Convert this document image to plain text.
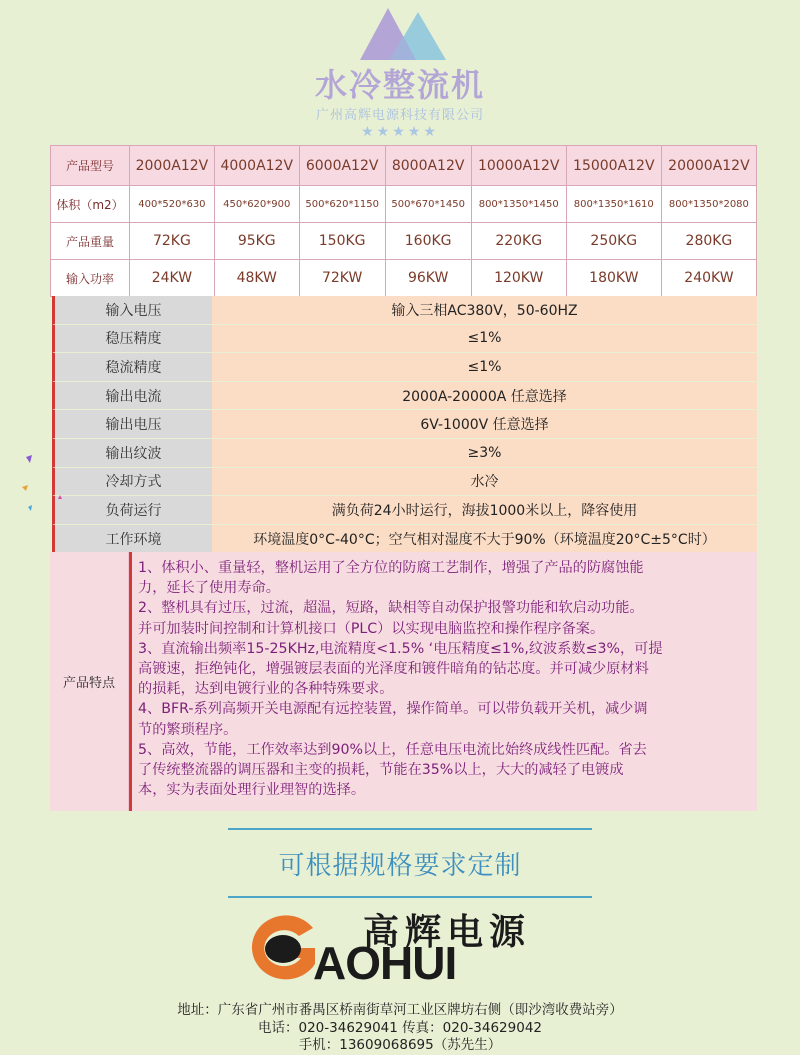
水冷整流机
广州高辉电源科技有限公司
★★★★★
产品型号	2000A12V	4000A12V	6000A12V	8000A12V	10000A12V	15000A12V	20000A12V
体积（m2）	400*520*630	450*620*900	500*620*1150	500*670*1450	800*1350*1450	800*1350*1610	800*1350*2080
产品重量	72KG	95KG	150KG	160KG	220KG	250KG	280KG
输入功率	24KW	48KW	72KW	96KW	120KW	180KW	240KW
输入电压	输入三相AC380V，50-60HZ
稳压精度	≤1%
稳流精度	≤1%
输出电流	2000A-20000A 任意选择
输出电压	6V-1000V 任意选择
输出纹波	≥3%
冷却方式	水冷
负荷运行	满负荷24小时运行，海拔1000米以上，降容使用
工作环境	环境温度0°C-40°C；空气相对湿度不大于90%（环境温度20°C±5°C时）
产品特点

1、体积小、重量轻，整机运用了全方位的防腐工艺制作，增强了产品的防腐蚀能

力，延长了使用寿命。

2、整机具有过压，过流，超温，短路，缺相等自动保护报警功能和软启动功能。

并可加装时间控制和计算机接口（PLC）以实现电脑监控和操作程序备案。

3、直流输出频率15-25KHz,电流精度<1.5% ‘电压精度≤1%,纹波系数≤3%，可提

高镀速，拒绝钝化，增强镀层表面的光泽度和镀件暗角的钻芯度。并可减少原材料

的损耗，达到电镀行业的各种特殊要求。

4、BFR-系列高频开关电源配有远控装置，操作简单。可以带负载开关机，减少调

节的繁琐程序。

5、高效，节能，工作效率达到90%以上，任意电压电流比始终成线性匹配。省去

了传统整流器的调压器和主变的损耗，节能在35%以上，大大的减轻了电镀成

本，实为表面处理行业理智的选择。

可根据规格要求定制
高辉电源
AOHUI
地址：广东省广州市番禺区桥南街草河工业区牌坊右侧（即沙湾收费站旁）
电话：020-34629041 传真：020-34629042
手机：13609068695（苏先生）
